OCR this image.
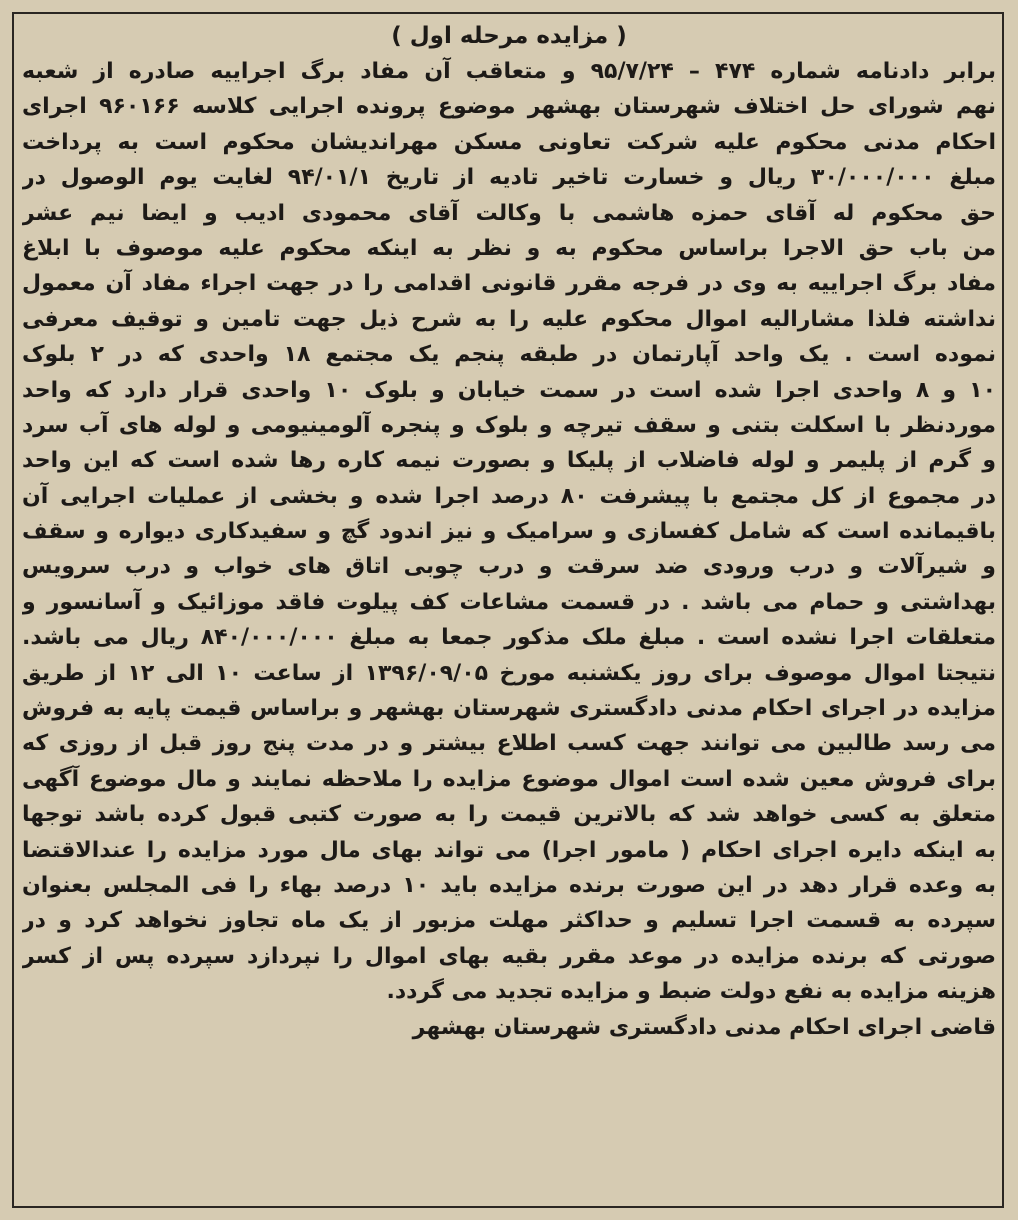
( مزایده مرحله اول )
برابر دادنامه شماره ۴۷۴ – ۹۵/۷/۲۴ و متعاقب آن مفاد برگ اجراییه صادره از شعبه
نهم شورای حل اختلاف شهرستان بهشهر موضوع پرونده اجرایی کلاسه ۹۶۰۱۶۶ اجرای
احکام مدنی محکوم علیه شرکت تعاونی مسکن مهراندیشان محکوم است به پرداخت
مبلغ ۳۰/۰۰۰/۰۰۰ ریال و خسارت تاخیر تادیه از تاریخ ۹۴/۰۱/۱ لغایت یوم الوصول در
حق محکوم له آقای حمزه هاشمی با وکالت آقای محمودی ادیب و ایضا نیم عشر
من باب حق الاجرا براساس محکوم به و نظر به اینکه محکوم علیه موصوف با ابلاغ
مفاد برگ اجراییه به وی در فرجه مقرر قانونی اقدامی را در جهت اجراء مفاد آن معمول
نداشته فلذا مشارالیه اموال محکوم علیه را به شرح ذیل جهت تامین و توقیف معرفی
نموده است . یک واحد آپارتمان در طبقه پنجم یک مجتمع ۱۸ واحدی که در ۲ بلوک
۱۰ و ۸ واحدی اجرا شده است در سمت خیابان و بلوک ۱۰ واحدی قرار دارد که واحد
موردنظر با اسکلت بتنی و سقف تیرچه و بلوک و پنجره آلومینیومی و لوله های آب سرد
و گرم از پلیمر و لوله فاضلاب از پلیکا و بصورت نیمه کاره رها شده است که این واحد
در مجموع از کل مجتمع با پیشرفت ۸۰ درصد اجرا شده و بخشی از عملیات اجرایی آن
باقیمانده است که شامل کفسازی و سرامیک و نیز اندود گچ و سفیدکاری دیواره و سقف
و شیرآلات و درب ورودی ضد سرقت و درب چوبی اتاق های خواب و درب سرویس
بهداشتی و حمام می باشد . در قسمت مشاعات کف پیلوت فاقد موزائیک و آسانسور و
متعلقات اجرا نشده است . مبلغ ملک مذکور جمعا به مبلغ ۸۴۰/۰۰۰/۰۰۰ ریال می باشد.
نتیجتا اموال موصوف برای روز یکشنبه مورخ ۱۳۹۶/۰۹/۰۵ از ساعت ۱۰ الی ۱۲ از طریق
مزایده در اجرای احکام مدنی دادگستری شهرستان بهشهر و براساس قیمت پایه به فروش
می رسد طالبین می توانند جهت کسب اطلاع بیشتر و در مدت پنج روز قبل از روزی که
برای فروش معین شده است اموال موضوع مزایده را ملاحظه نمایند و مال موضوع آگهی
متعلق به کسی خواهد شد که بالاترین قیمت را به صورت کتبی قبول کرده باشد توجها
به اینکه دایره اجرای احکام ( مامور اجرا) می تواند بهای مال مورد مزایده را عندالاقتضا
به وعده قرار دهد در این صورت برنده مزایده باید ۱۰ درصد بهاء را فی المجلس بعنوان
سپرده به قسمت اجرا تسلیم و حداکثر مهلت مزبور از یک ماه تجاوز نخواهد کرد و در
صورتی که برنده مزایده در موعد مقرر بقیه بهای اموال را نپردازد سپرده پس از کسر
هزینه مزایده به نفع دولت ضبط و مزایده تجدید می گردد.
قاضی اجرای احکام مدنی دادگستری شهرستان بهشهر
